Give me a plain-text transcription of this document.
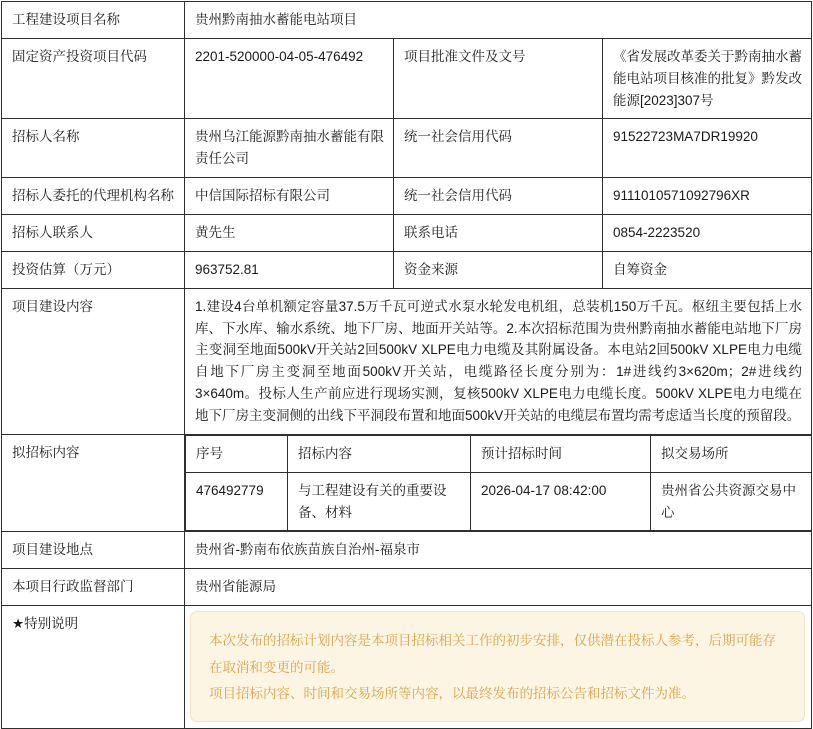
工程建设项目名称	贵州黔南抽水蓄能电站项目
固定资产投资项目代码	2201-520000-04-05-476492	项目批准文件及文号	《省发展改革委关于黔南抽水蓄能电站项目核准的批复》黔发改能源[2023]307号
招标人名称	贵州乌江能源黔南抽水蓄能有限责任公司	统一社会信用代码	91522723MA7DR19920
招标人委托的代理机构名称	中信国际招标有限公司	统一社会信用代码	9111010571092796XR
招标人联系人	黄先生	联系电话	0854-2223520
投资估算（万元）	963752.81	资金来源	自筹资金
项目建设内容	1.建设4台单机额定容量37.5万千瓦可逆式水泵水轮发电机组，总装机150万千瓦。枢纽主要包括上水库、下水库、输水系统、地下厂房、地面开关站等。2.本次招标范围为贵州黔南抽水蓄能电站地下厂房主变洞至地面500kV开关站2回500kV XLPE电力电缆及其附属设备。本电站2回500kV XLPE电力电缆自地下厂房主变洞至地面500kV开关站，电缆路径长度分别为：1#进线约3×620m；2#进线约3×640m。投标人生产前应进行现场实测，复核500kV XLPE电力电缆长度。500kV XLPE电力电缆在地下厂房主变洞侧的出线下平洞段布置和地面500kV开关站的电缆层布置均需考虑适当长度的预留段。

拟招标内容		序号	招标内容	预计招标时间	拟交易场所
476492779	与工程建设有关的重要设备、材料	2026-04-17 08:42:00	贵州省公共资源交易中心

项目建设地点	贵州省-黔南布依族苗族自治州-福泉市
本项目行政监督部门	贵州省能源局
★特别说明	

本次发布的招标计划内容是本项目招标相关工作的初步安排，仅供潜在投标人参考，后期可能存在取消和变更的可能。

项目招标内容、时间和交易场所等内容，以最终发布的招标公告和招标文件为准。
